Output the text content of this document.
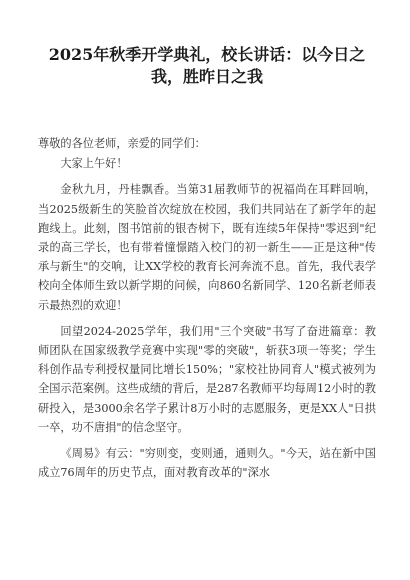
2025年秋季开学典礼，校长讲话：以今日之我，胜昨日之我

尊敬的各位老师，亲爱的同学们：

大家上午好！

金秋九月，丹桂飘香。当第31届教师节的祝福尚在耳畔回响，当2025级新生的笑脸首次绽放在校园，我们共同站在了新学年的起跑线上。此刻，图书馆前的银杏树下，既有连续5年保持"零迟到"纪录的高三学长，也有带着憧憬踏入校门的初一新生——正是这种"传承与新生"的交响，让XX学校的教育长河奔流不息。首先，我代表学校向全体师生致以新学期的问候，向860名新同学、120名新老师表示最热烈的欢迎！

回望2024-2025学年，我们用"三个突破"书写了奋进篇章：教师团队在国家级教学竞赛中实现"零的突破"，斩获3项一等奖；学生科创作品专利授权量同比增长150%；"家校社协同育人"模式被列为全国示范案例。这些成绩的背后，是287名教师平均每周12小时的教研投入，是3000余名学子累计8万小时的志愿服务，更是XX人"日拱一卒，功不唐捐"的信念坚守。

《周易》有云："穷则变，变则通，通则久。"今天，站在新中国成立76周年的历史节点，面对教育改革的"深水
